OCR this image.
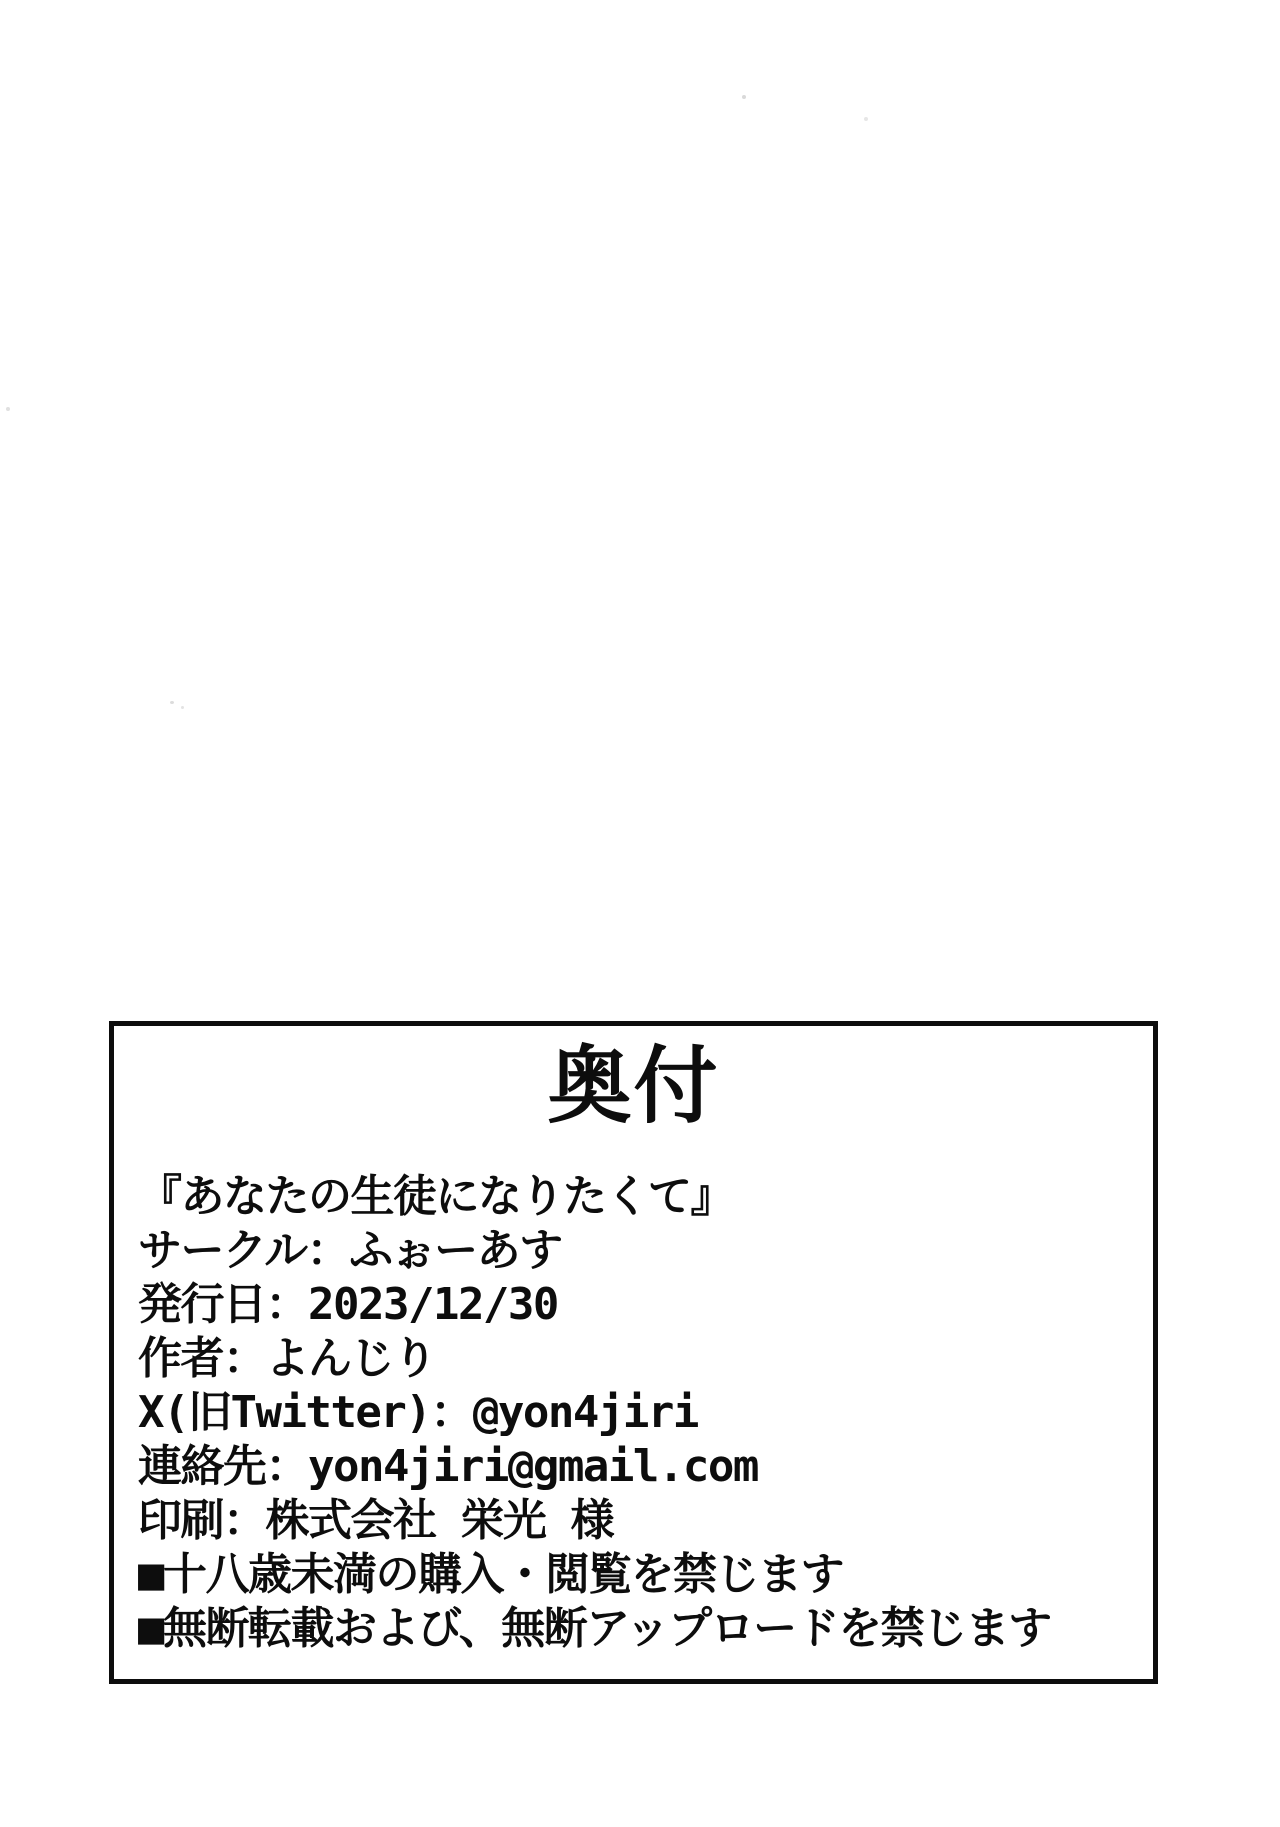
奥付
『あなたの生徒になりたくて』
サークル：ふぉーあす
発行日：2023/12/30
作者：よんじり
X(旧Twitter)：@yon4jiri
連絡先：yon4jiri@gmail.com
印刷：株式会社 栄光 様
■十八歳未満の購入・閲覧を禁じます
■無断転載および、無断アップロードを禁じます
